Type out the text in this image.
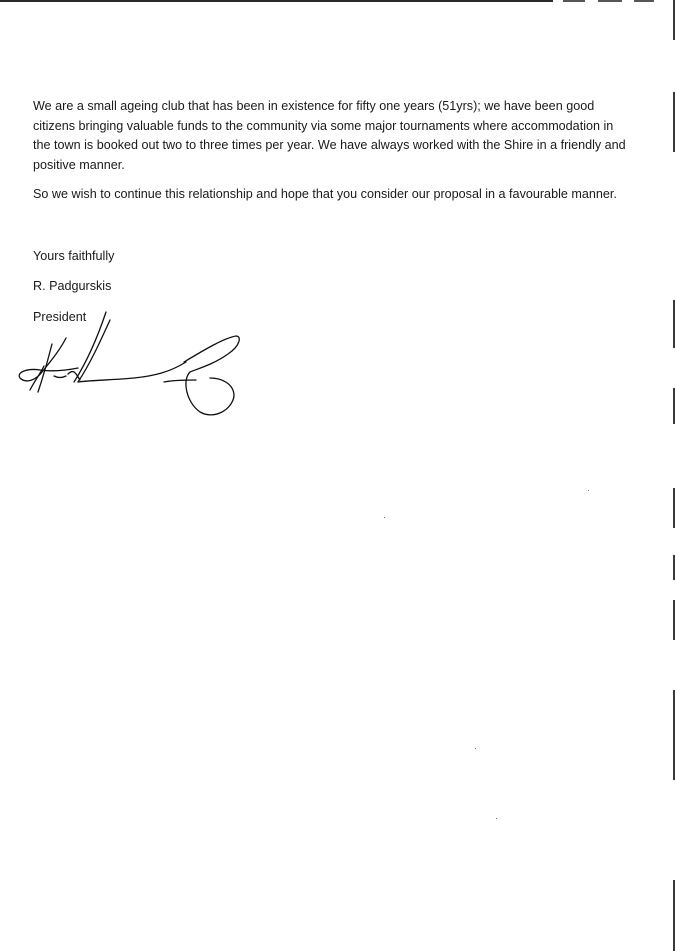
We are a small ageing club that has been in existence for fifty one years (51yrs); we have been good citizens bringing valuable funds to the community via some major tournaments where accommodation in the town is booked out two to three times per year. We have always worked with the Shire in a friendly and positive manner.

So we wish to continue this relationship and hope that you consider our proposal in a favourable manner.

Yours faithfully
R. Padgurskis
President
